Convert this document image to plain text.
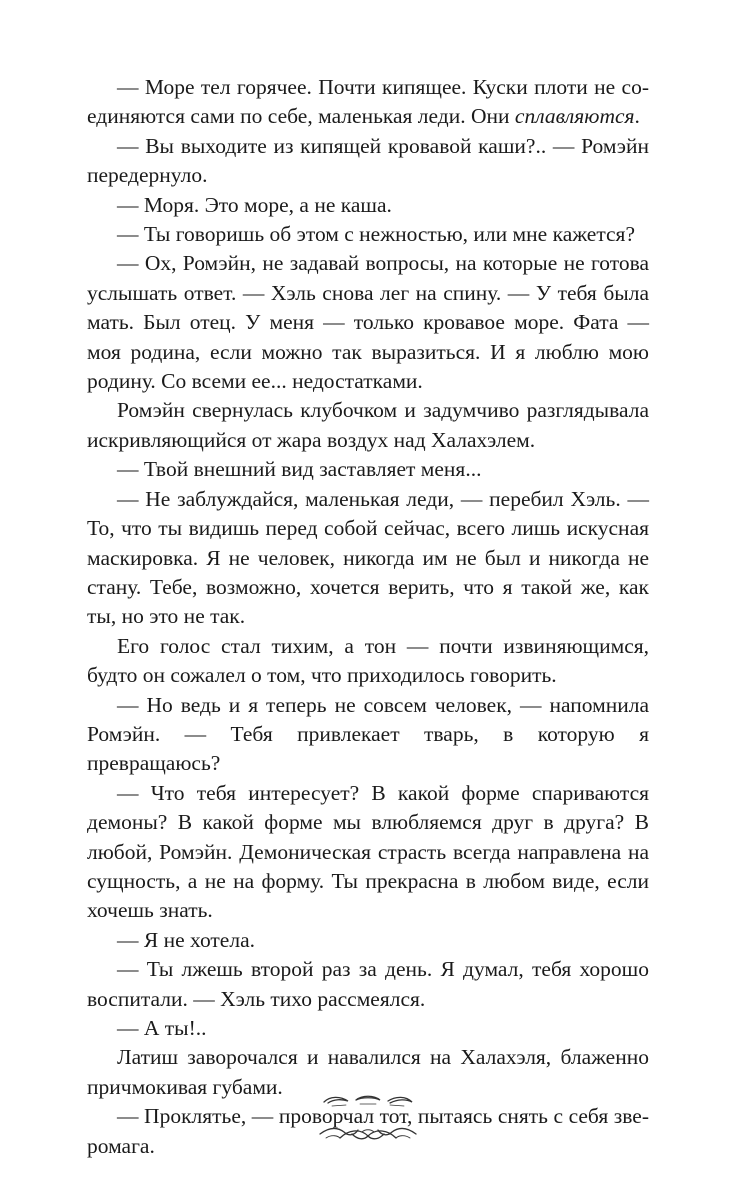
— Море тел горячее. Почти кипящее. Куски плоти не соединяются сами по себе, маленькая леди. Они сплавляются.

— Вы выходите из кипящей кровавой каши?.. — Ромэйн передернуло.

— Моря. Это море, а не каша.

— Ты говоришь об этом с нежностью, или мне кажется?

— Ох, Ромэйн, не задавай вопросы, на которые не готова услышать ответ. — Хэль снова лег на спину. — У тебя была мать. Был отец. У меня — только кровавое море. Фата — моя родина, если можно так выразиться. И я люблю мою родину. Со всеми ее... недостатками.

Ромэйн свернулась клубочком и задумчиво разглядывала искривляющийся от жара воздух над Халахэлем.

— Твой внешний вид заставляет меня...

— Не заблуждайся, маленькая леди, — перебил Хэль. — То, что ты видишь перед собой сейчас, всего лишь искусная маскировка. Я не человек, никогда им не был и никогда не стану. Тебе, возможно, хочется верить, что я такой же, как ты, но это не так.

Его голос стал тихим, а тон — почти извиняющимся, будто он сожалел о том, что приходилось говорить.

— Но ведь и я теперь не совсем человек, — напомнила Ромэйн. — Тебя привлекает тварь, в которую я превращаюсь?

— Что тебя интересует? В какой форме спариваются демоны? В какой форме мы влюбляемся друг в друга? В любой, Ромэйн. Демоническая страсть всегда направлена на сущность, а не на форму. Ты прекрасна в любом виде, если хочешь знать.

— Я не хотела.

— Ты лжешь второй раз за день. Я думал, тебя хорошо воспитали. — Хэль тихо рассмеялся.

— А ты!..

Латиш заворочался и навалился на Халахэля, блаженно причмокивая губами.

— Проклятье, — проворчал тот, пытаясь снять с себя зверомага.
